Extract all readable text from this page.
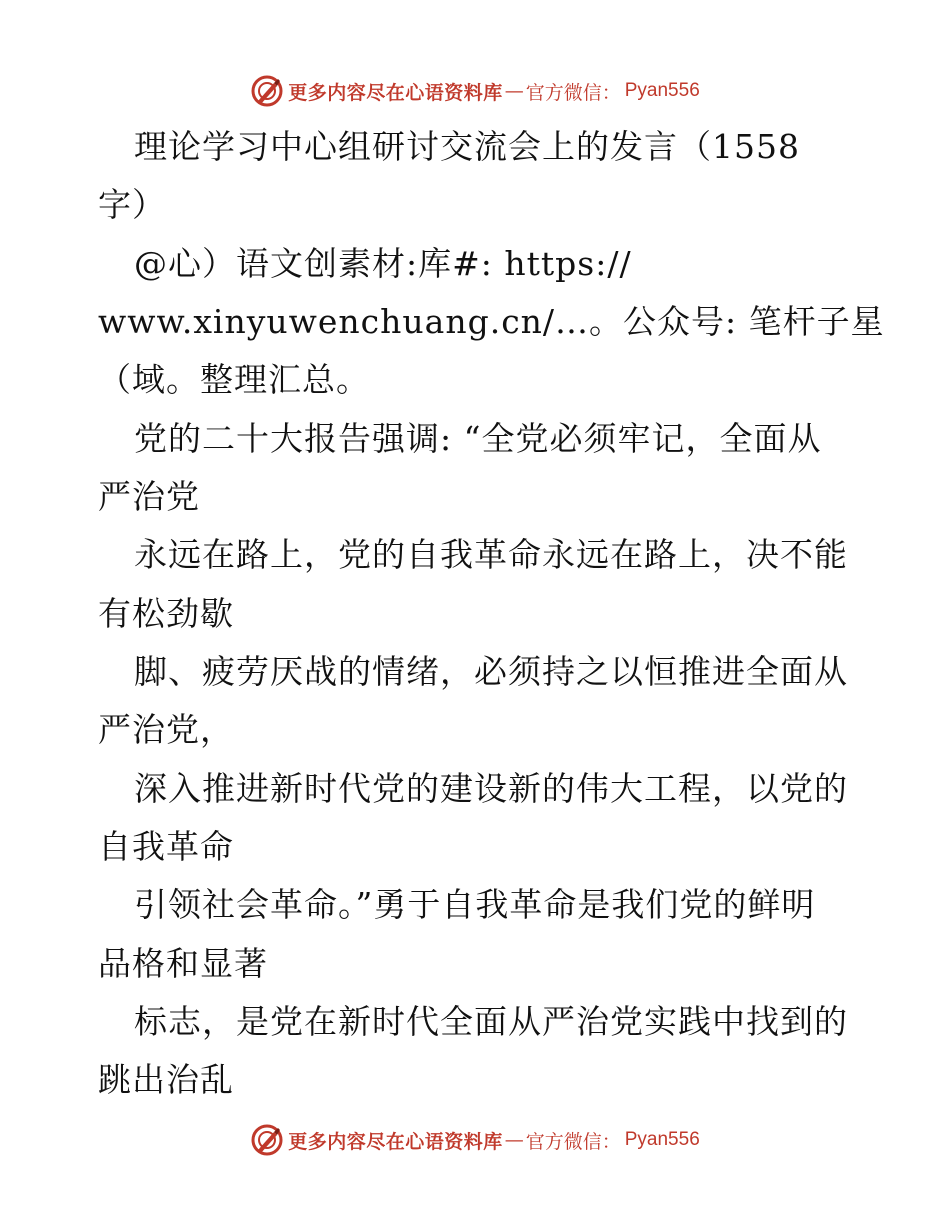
更多内容尽在心语资料库 — 官方微信： Pyan556
理论学习中心组研讨交流会上的发言（1558
字）
@心）语文创素材:库#: https://
www.xinyuwenchuang.cn/…。公众号: 笔杆子星
（域。整理汇总。
党的二十大报告强调: “全党必须牢记，全面从
严治党
永远在路上，党的自我革命永远在路上，决不能
有松劲歇
脚、疲劳厌战的情绪，必须持之以恒推进全面从
严治党，
深入推进新时代党的建设新的伟大工程，以党的
自我革命
引领社会革命。”勇于自我革命是我们党的鲜明
品格和显著
标志，是党在新时代全面从严治党实践中找到的
跳出治乱
更多内容尽在心语资料库 — 官方微信： Pyan556
